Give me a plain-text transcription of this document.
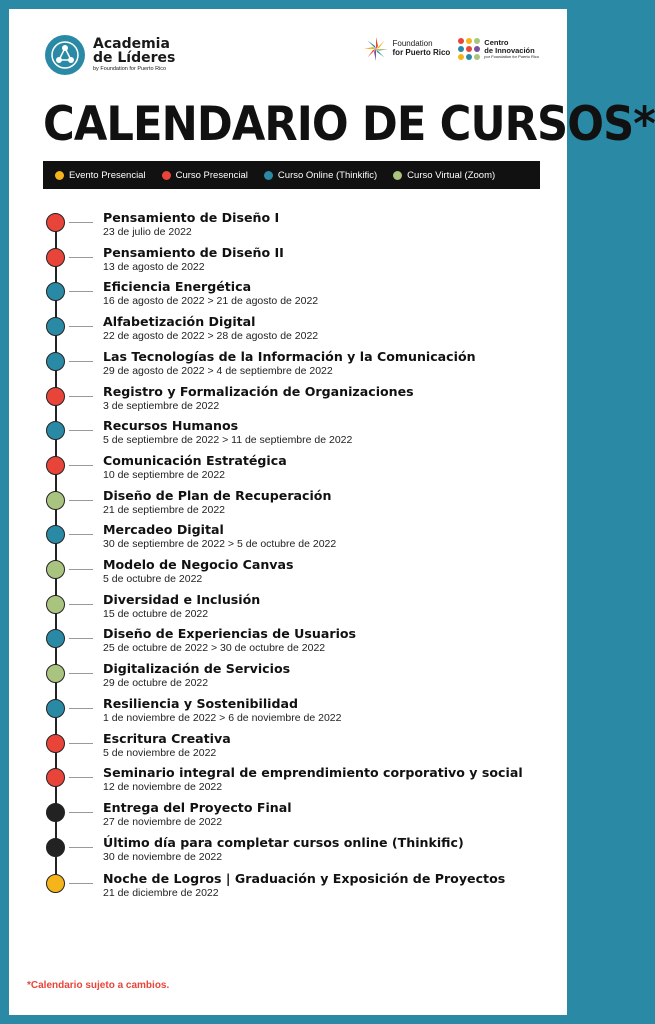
Academia
de Líderes
by Foundation for Puerto Rico
Foundation
for Puerto Rico
Centro
de Innovación
por Foundation for Puerto Rico
CALENDARIO DE CURSOS*
Evento Presencial	Curso Presencial	Curso Online (Thinkific)	Curso Virtual (Zoom)
Pensamiento de Diseño I
23 de julio de 2022
Pensamiento de Diseño II
13 de agosto de 2022
Eficiencia Energética
16 de agosto de 2022 > 21 de agosto de 2022
Alfabetización Digital
22 de agosto de 2022 > 28 de agosto de 2022
Las Tecnologías de la Información y la Comunicación
29 de agosto de 2022 > 4 de septiembre de 2022
Registro y Formalización de Organizaciones
3 de septiembre de 2022
Recursos Humanos
5 de septiembre de 2022 > 11 de septiembre de 2022
Comunicación Estratégica
10 de septiembre de 2022
Diseño de Plan de Recuperación
21 de septiembre de 2022
Mercadeo Digital
30 de septiembre de 2022 > 5 de octubre de 2022
Modelo de Negocio Canvas
5 de octubre de 2022
Diversidad e Inclusión
15 de octubre de 2022
Diseño de Experiencias de Usuarios
25 de octubre de 2022 > 30 de octubre de 2022
Digitalización de Servicios
29 de octubre de 2022
Resiliencia y Sostenibilidad
1 de noviembre de 2022 > 6 de noviembre de 2022
Escritura Creativa
5 de noviembre de 2022
Seminario integral de emprendimiento corporativo y social
12 de noviembre de 2022
Entrega del Proyecto Final
27 de noviembre de 2022
Último día para completar cursos online (Thinkific)
30 de noviembre de 2022
Noche de Logros | Graduación y Exposición de Proyectos
21 de diciembre de 2022
*Calendario sujeto a cambios.
